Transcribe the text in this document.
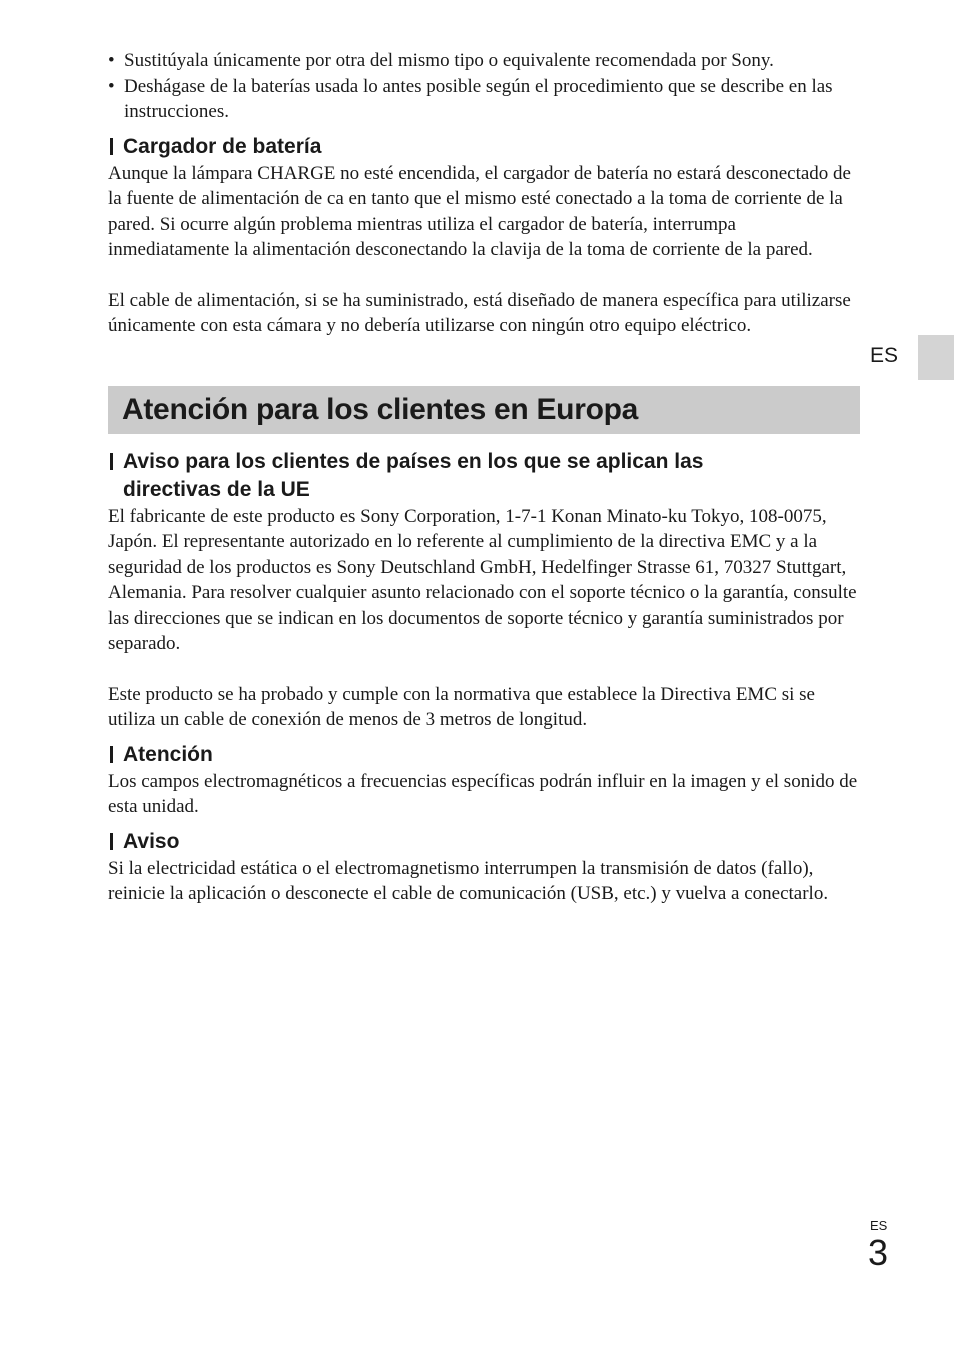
• Sustitúyala únicamente por otra del mismo tipo o equivalente recomendada por Sony.
• Deshágase de la baterías usada lo antes posible según el procedimiento que se describe en las instrucciones.
Cargador de batería

Aunque la lámpara CHARGE no esté encendida, el cargador de batería no estará desconectado de la fuente de alimentación de ca en tanto que el mismo esté conectado a la toma de corriente de la pared. Si ocurre algún problema mientras utiliza el cargador de batería, interrumpa inmediatamente la alimentación desconectando la clavija de la toma de corriente de la pared.

El cable de alimentación, si se ha suministrado, está diseñado de manera específica para utilizarse únicamente con esta cámara y no debería utilizarse con ningún otro equipo eléctrico.

Atención para los clientes en Europa
Aviso para los clientes de países en los que se aplican las
directivas de la UE

El fabricante de este producto es Sony Corporation, 1-7-1 Konan Minato-ku Tokyo, 108-0075, Japón. El representante autorizado en lo referente al cumplimiento de la directiva EMC y a la seguridad de los productos es Sony Deutschland GmbH, Hedelfinger Strasse 61, 70327 Stuttgart, Alemania. Para resolver cualquier asunto relacionado con el soporte técnico o la garantía, consulte las direcciones que se indican en los documentos de soporte técnico y garantía suministrados por separado.

Este producto se ha probado y cumple con la normativa que establece la Directiva EMC si se utiliza un cable de conexión de menos de 3 metros de longitud.

Atención

Los campos electromagnéticos a frecuencias específicas podrán influir en la imagen y el sonido de esta unidad.

Aviso

Si la electricidad estática o el electromagnetismo interrumpen la transmisión de datos (fallo), reinicie la aplicación o desconecte el cable de comunicación (USB, etc.) y vuelva a conectarlo.

ES
ES
3
